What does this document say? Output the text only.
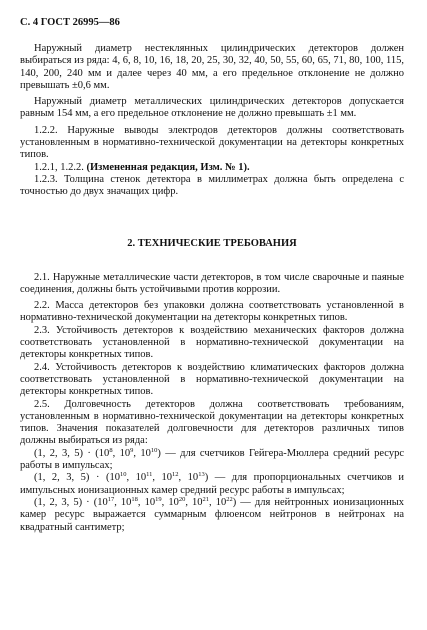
С. 4 ГОСТ 26995—86

Наружный диаметр нестеклянных цилиндрических детекторов должен выбираться из ряда: 4, 6, 8, 10, 16, 18, 20, 25, 30, 32, 40, 50, 55, 60, 65, 71, 80, 100, 115, 140, 200, 240 мм и далее через 40 мм, а его предельное отклонение не должно превышать ±0,6 мм.

Наружный диаметр металлических цилиндрических детекторов допускается равным 154 мм, а его предельное отклонение не должно превышать ±1 мм.

1.2.2. Наружные выводы электродов детекторов должны соответствовать установленным в нормативно-технической документации на детекторы конкретных типов.

1.2.1, 1.2.2. (Измененная редакция, Изм. № 1).

1.2.3. Толщина стенок детектора в миллиметрах должна быть определена с точностью до двух значащих цифр.

2. ТЕХНИЧЕСКИЕ ТРЕБОВАНИЯ

2.1. Наружные металлические части детекторов, в том числе сварочные и паяные соединения, должны быть устойчивыми против коррозии.

2.2. Масса детекторов без упаковки должна соответствовать установленной в нормативно-технической документации на детекторы конкретных типов.

2.3. Устойчивость детекторов к воздействию механических факторов должна соответствовать установленной в нормативно-технической документации на детекторы конкретных типов.

2.4. Устойчивость детекторов к воздействию климатических факторов должна соответствовать установленной в нормативно-технической документации на детекторы конкретных типов.

2.5. Долговечность детекторов должна соответствовать требованиям, установленным в нормативно-технической документации на детекторы конкретных типов. Значения показателей долговечности для детекторов различных типов должны выбираться из ряда:

(1, 2, 3, $5) \cdot (10^8$, $10^9$, $10^{10}$) — для счетчиков Гейгера-Мюллера средний ресурс работы в импульсах;

(1, 2, 3, $5) \cdot (10^{10}$, $10^{11}$, $10^{12}$, $10^{13}$) — для пропорциональных счетчиков и импульсных ионизационных камер средний ресурс работы в импульсах;

(1, 2, 3, $5) \cdot (10^{17}$, $10^{18}$, $10^{19}$, $10^{20}$, $10^{21}$, $10^{22}$) — для нейтронных ионизационных камер ресурс выражается суммарным флюенсом нейтронов в нейтронах на квадратный сантиметр;
